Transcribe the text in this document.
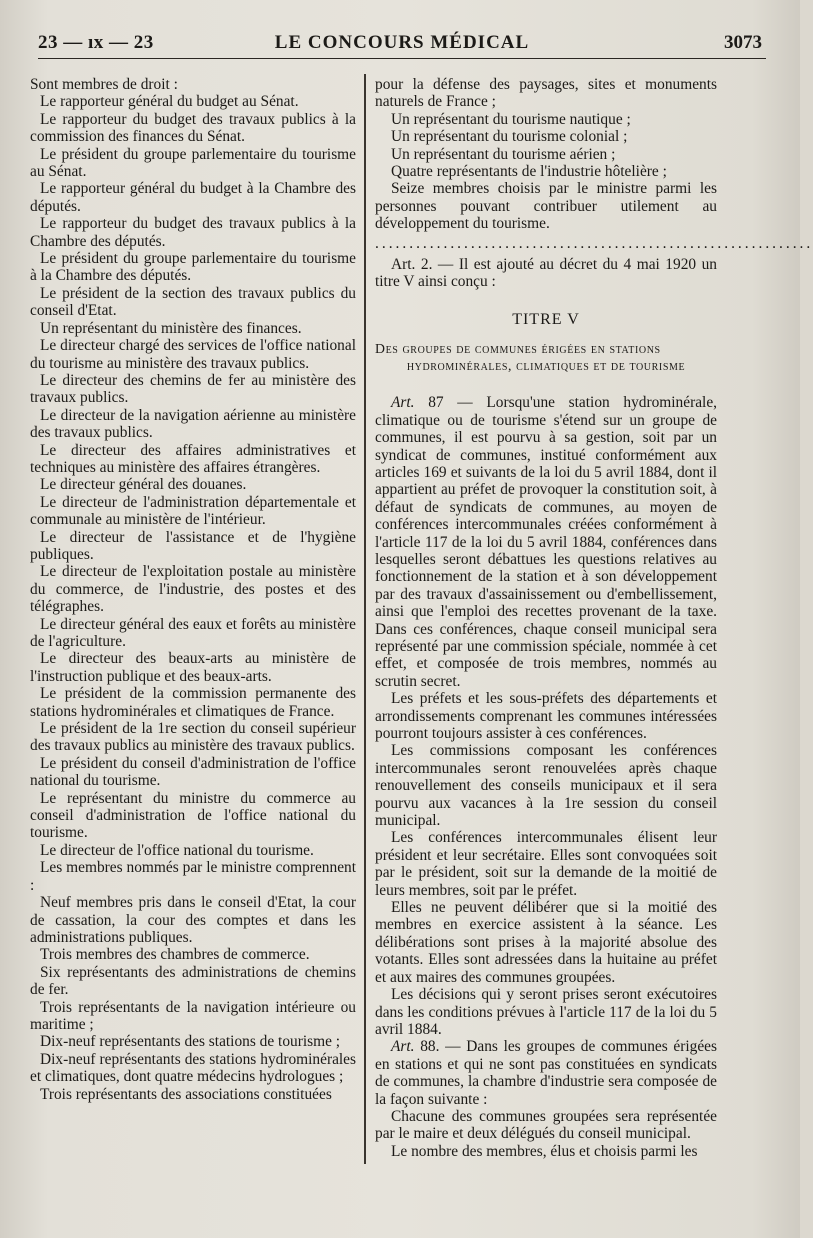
23 — ıx — 23	LE CONCOURS MÉDICAL	3073

Sont membres de droit :

Le rapporteur général du budget au Sénat.

Le rapporteur du budget des travaux publics à la commission des finances du Sénat.

Le président du groupe parlementaire du tourisme au Sénat.

Le rapporteur général du budget à la Chambre des députés.

Le rapporteur du budget des travaux publics à la Chambre des députés.

Le président du groupe parlementaire du tourisme à la Chambre des députés.

Le président de la section des travaux publics du conseil d'Etat.

Un représentant du ministère des finances.

Le directeur chargé des services de l'office national du tourisme au ministère des travaux publics.

Le directeur des chemins de fer au ministère des travaux publics.

Le directeur de la navigation aérienne au ministère des travaux publics.

Le directeur des affaires administratives et techniques au ministère des affaires étrangères.

Le directeur général des douanes.

Le directeur de l'administration départementale et communale au ministère de l'intérieur.

Le directeur de l'assistance et de l'hygiène publiques.

Le directeur de l'exploitation postale au ministère du commerce, de l'industrie, des postes et des télégraphes.

Le directeur général des eaux et forêts au ministère de l'agriculture.

Le directeur des beaux-arts au ministère de l'instruction publique et des beaux-arts.

Le président de la commission permanente des stations hydrominérales et climatiques de France.

Le président de la 1re section du conseil supérieur des travaux publics au ministère des travaux publics.

Le président du conseil d'administration de l'office national du tourisme.

Le représentant du ministre du commerce au conseil d'administration de l'office national du tourisme.

Le directeur de l'office national du tourisme.

Les membres nommés par le ministre comprennent :

Neuf membres pris dans le conseil d'Etat, la cour de cassation, la cour des comptes et dans les administrations publiques.

Trois membres des chambres de commerce.

Six représentants des administrations de chemins de fer.

Trois représentants de la navigation intérieure ou maritime ;

Dix-neuf représentants des stations de tourisme ;

Dix-neuf représentants des stations hydrominérales et climatiques, dont quatre médecins hydrologues ;

Trois représentants des associations constituées

pour la défense des paysages, sites et monuments naturels de France ;

Un représentant du tourisme nautique ;

Un représentant du tourisme colonial ;

Un représentant du tourisme aérien ;

Quatre représentants de l'industrie hôtelière ;

Seize membres choisis par le ministre parmi les personnes pouvant contribuer utilement au développement du tourisme.

................................................................

Art. 2. — Il est ajouté au décret du 4 mai 1920 un titre V ainsi conçu :

TITRE V
Des groupes de communes érigées en stations
hydrominérales, climatiques et de tourisme

Art. 87 — Lorsqu'une station hydrominérale, climatique ou de tourisme s'étend sur un groupe de communes, il est pourvu à sa gestion, soit par un syndicat de communes, institué conformément aux articles 169 et suivants de la loi du 5 avril 1884, dont il appartient au préfet de provoquer la constitution soit, à défaut de syndicats de communes, au moyen de conférences intercommunales créées conformément à l'article 117 de la loi du 5 avril 1884, conférences dans lesquelles seront débattues les questions relatives au fonctionnement de la station et à son développement par des travaux d'assainissement ou d'embellissement, ainsi que l'emploi des recettes provenant de la taxe. Dans ces conférences, chaque conseil municipal sera représenté par une commission spéciale, nommée à cet effet, et composée de trois membres, nommés au scrutin secret.

Les préfets et les sous-préfets des départements et arrondissements comprenant les communes intéressées pourront toujours assister à ces conférences.

Les commissions composant les conférences intercommunales seront renouvelées après chaque renouvellement des conseils municipaux et il sera pourvu aux vacances à la 1re session du conseil municipal.

Les conférences intercommunales élisent leur président et leur secrétaire. Elles sont convoquées soit par le président, soit sur la demande de la moitié de leurs membres, soit par le préfet.

Elles ne peuvent délibérer que si la moitié des membres en exercice assistent à la séance. Les délibérations sont prises à la majorité absolue des votants. Elles sont adressées dans la huitaine au préfet et aux maires des communes groupées.

Les décisions qui y seront prises seront exécutoires dans les conditions prévues à l'article 117 de la loi du 5 avril 1884.

Art. 88. — Dans les groupes de communes érigées en stations et qui ne sont pas constituées en syndicats de communes, la chambre d'industrie sera composée de la façon suivante :

Chacune des communes groupées sera représentée par le maire et deux délégués du conseil municipal.

Le nombre des membres, élus et choisis parmi les
